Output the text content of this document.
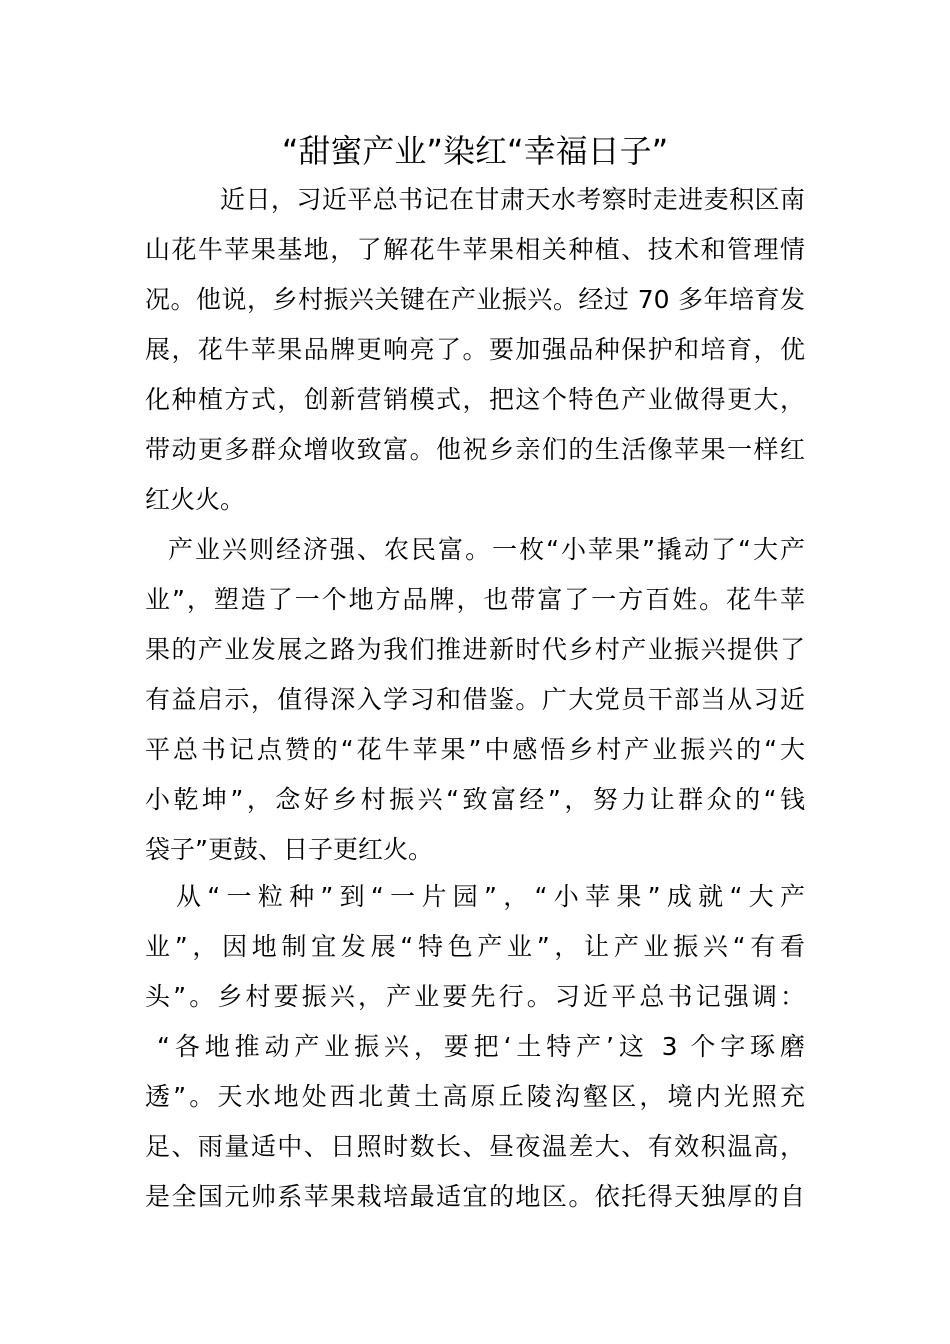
“甜蜜产业”染红“幸福日子”
近日，习近平总书记在甘肃天水考察时走进麦积区南
山花牛苹果基地，了解花牛苹果相关种植、技术和管理情
况。他说，乡村振兴关键在产业振兴。经过 70 多年培育发
展，花牛苹果品牌更响亮了。要加强品种保护和培育，优
化种植方式，创新营销模式，把这个特色产业做得更大，
带动更多群众增收致富。他祝乡亲们的生活像苹果一样红
红火火。
产业兴则经济强、农民富。一枚“小苹果”撬动了“大产
业”，塑造了一个地方品牌，也带富了一方百姓。花牛苹
果的产业发展之路为我们推进新时代乡村产业振兴提供了
有益启示，值得深入学习和借鉴。广大党员干部当从习近
平总书记点赞的“花牛苹果”中感悟乡村产业振兴的“大
小乾坤”，念好乡村振兴“致富经”，努力让群众的“钱
袋子”更鼓、日子更红火。
从“一粒种”到“一片园”，“小苹果”成就“大产
业”，因地制宜发展“特色产业”，让产业振兴“有看
头”。乡村要振兴，产业要先行。习近平总书记强调：
“各地推动产业振兴，要把‘土特产’这 3 个字琢磨
透”。天水地处西北黄土高原丘陵沟壑区，境内光照充
足、雨量适中、日照时数长、昼夜温差大、有效积温高，
是全国元帅系苹果栽培最适宜的地区。依托得天独厚的自
